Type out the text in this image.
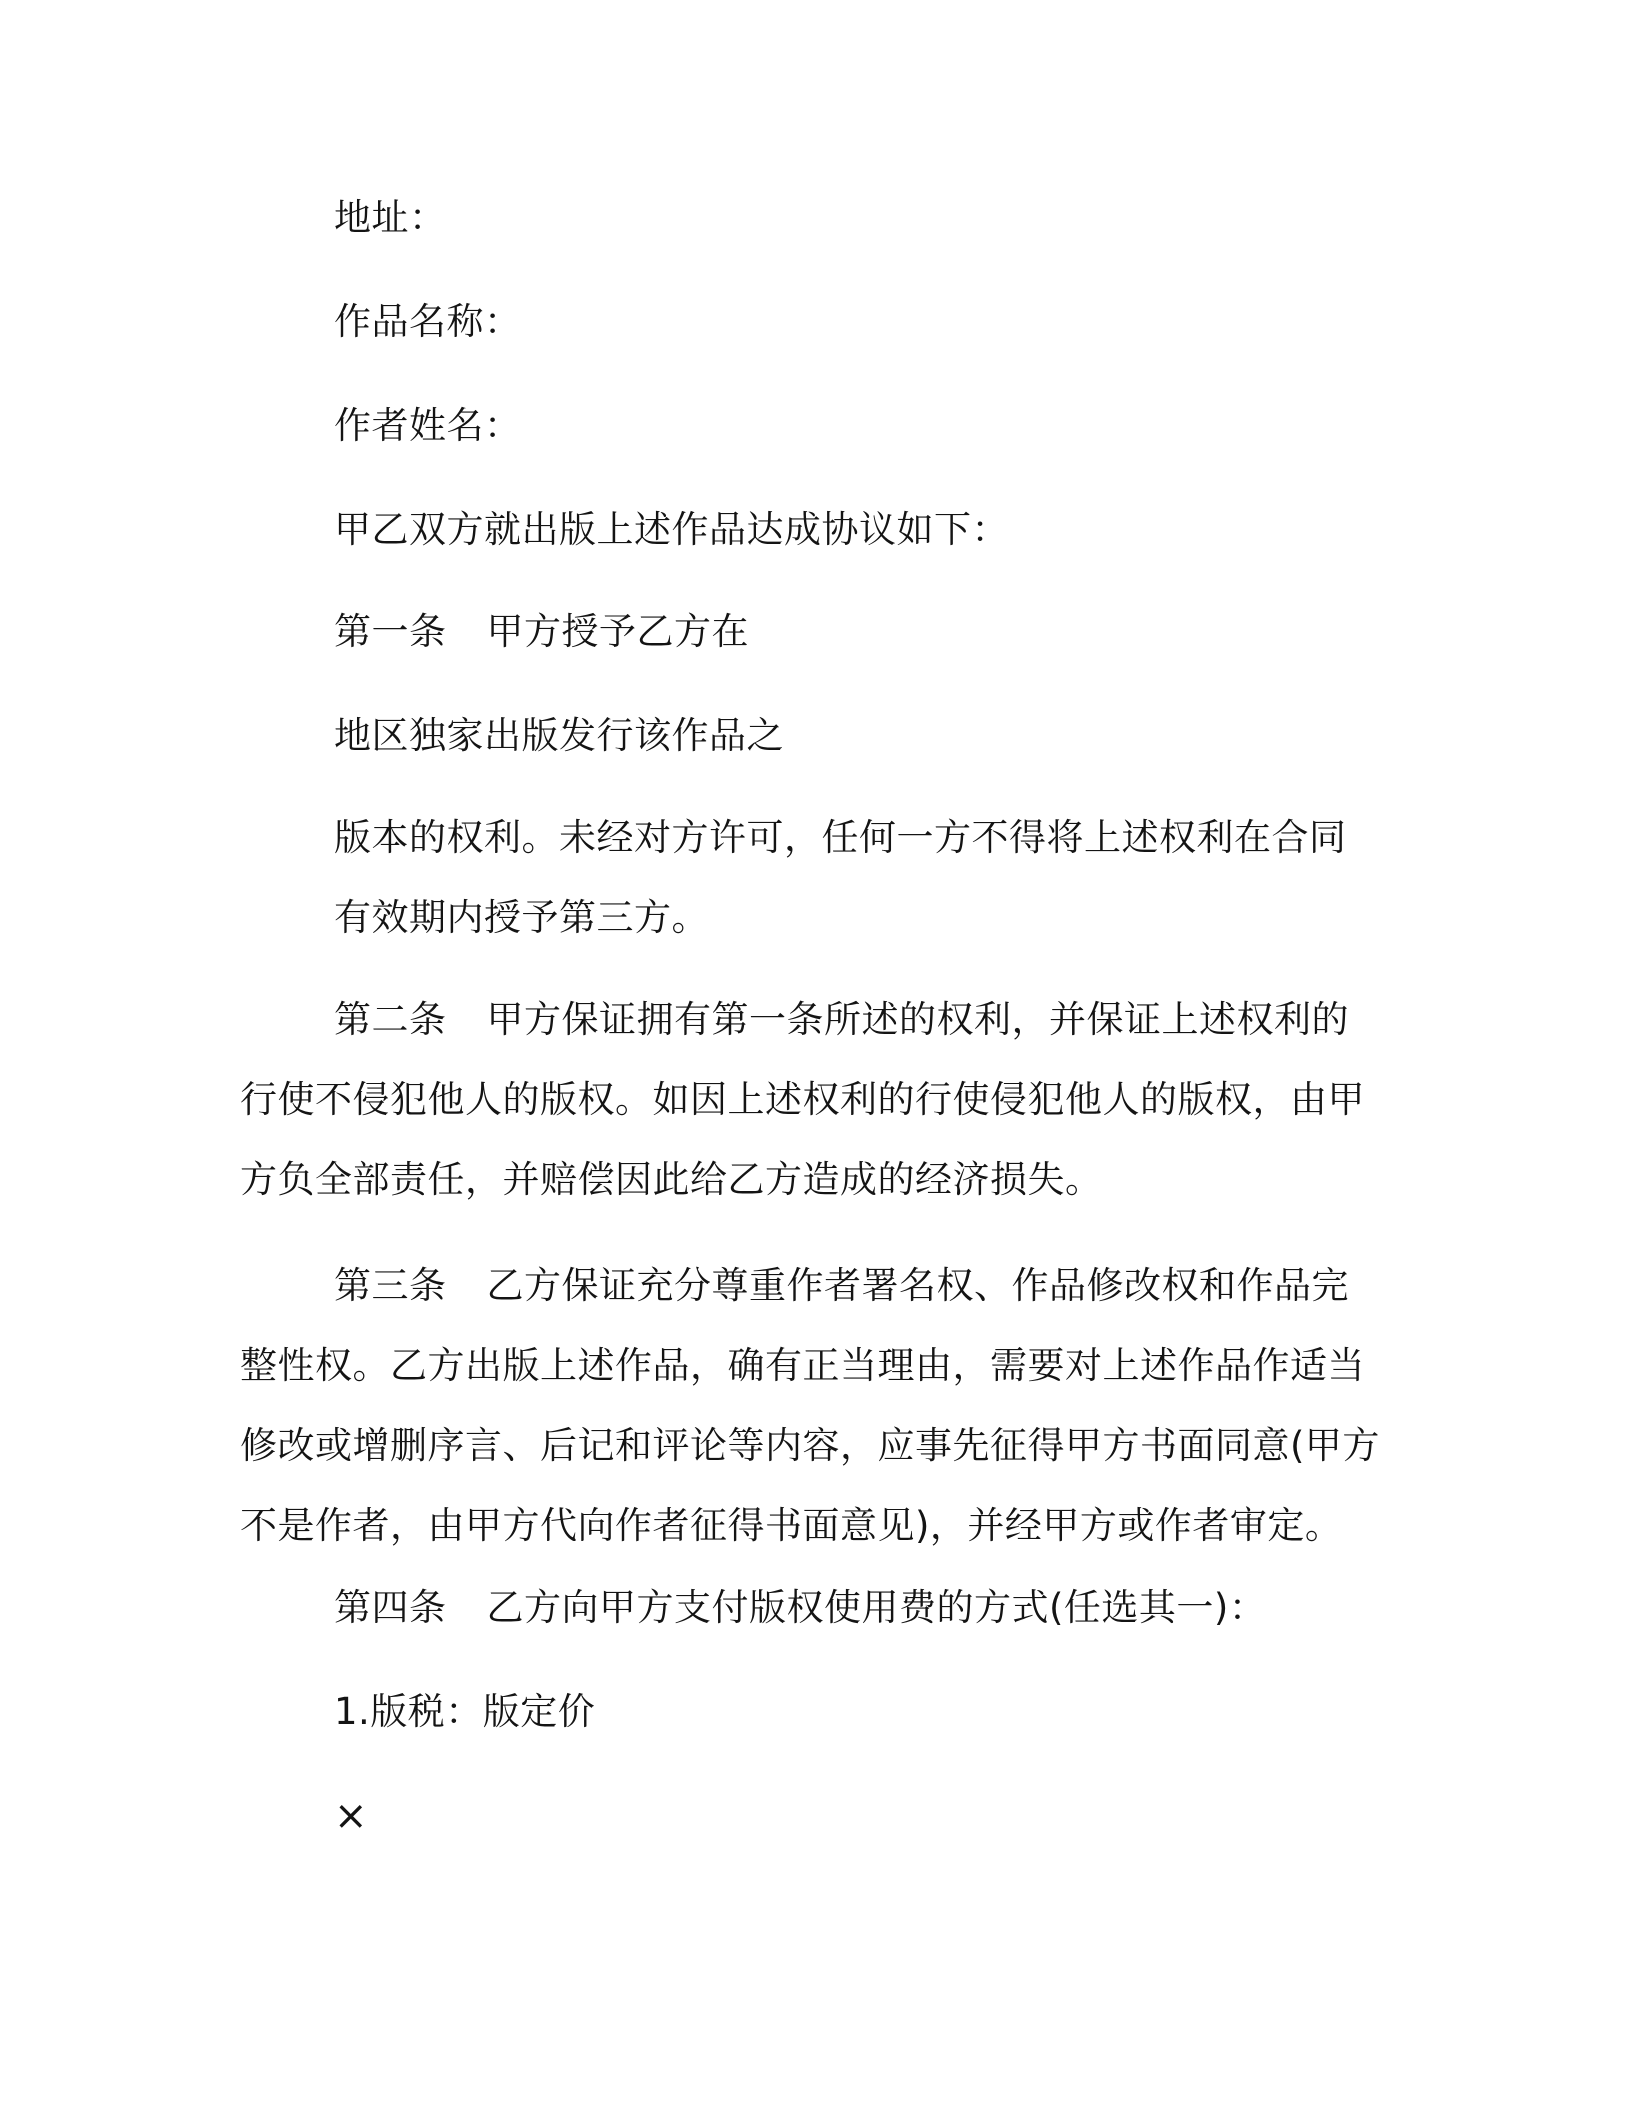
地址：
作品名称：
作者姓名：
甲乙双方就出版上述作品达成协议如下：
第一条 甲方授予乙方在
地区独家出版发行该作品之
版本的权利。未经对方许可，任何一方不得将上述权利在合同有效期内授予第三方。
第二条 甲方保证拥有第一条所述的权利，并保证上述权利的行使不侵犯他人的版权。如因上述权利的行使侵犯他人的版权，由甲方负全部责任，并赔偿因此给乙方造成的经济损失。
第三条 乙方保证充分尊重作者署名权、作品修改权和作品完整性权。乙方出版上述作品，确有正当理由，需要对上述作品作适当修改或增删序言、后记和评论等内容，应事先征得甲方书面同意(甲方不是作者，由甲方代向作者征得书面意见)，并经甲方或作者审定。
第四条 乙方向甲方支付版权使用费的方式(任选其一)：
1.版税：版定价
×
